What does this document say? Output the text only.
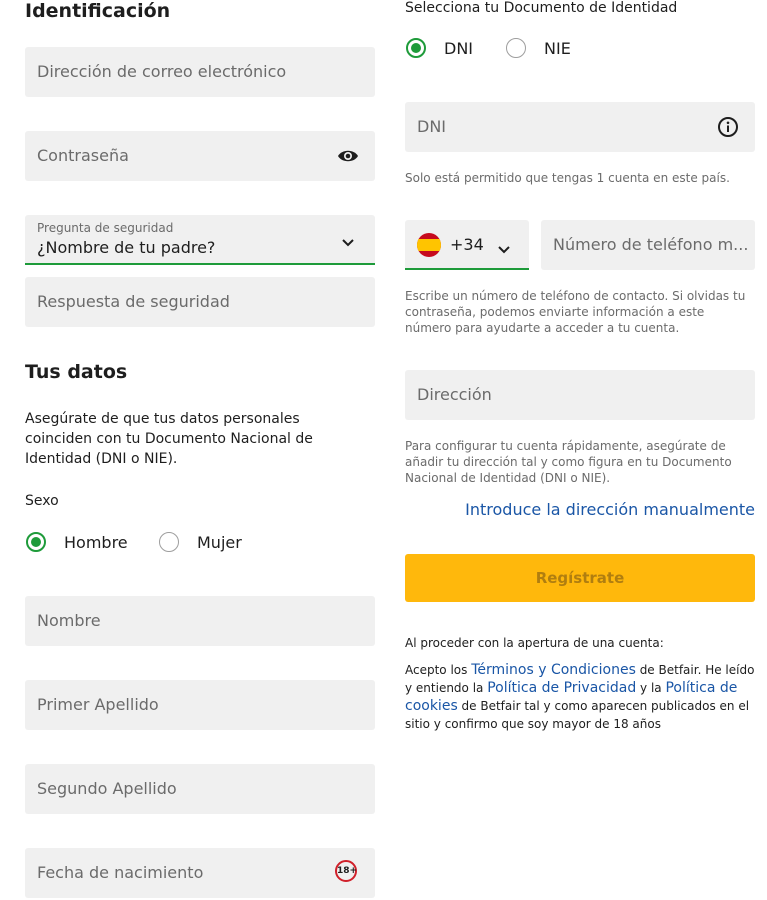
Identificación
Dirección de correo electrónico
Contraseña
Pregunta de seguridad
¿Nombre de tu padre?
Respuesta de seguridad
Tus datos
Asegúrate de que tus datos personales coinciden con tu Documento Nacional de Identidad (DNI o NIE).
Sexo
Hombre	Mujer
Nombre
Primer Apellido
Segundo Apellido
Fecha de nacimiento	18+
Selecciona tu Documento de Identidad
DNI	NIE
DNI
Solo está permitido que tengas 1 cuenta en este país.
+34	Número de teléfono m...
Escribe un número de teléfono de contacto. Si olvidas tu contraseña, podemos enviarte información a este número para ayudarte a acceder a tu cuenta.
Dirección
Para configurar tu cuenta rápidamente, asegúrate de añadir tu dirección tal y como figura en tu Documento Nacional de Identidad (DNI o NIE).
Introduce la dirección manualmente
Regístrate
Al proceder con la apertura de una cuenta:
Acepto los Términos y Condiciones de Betfair. He leído y entiendo la Política de Privacidad y la Política de cookies de Betfair tal y como aparecen publicados en el sitio y confirmo que soy mayor de 18 años
